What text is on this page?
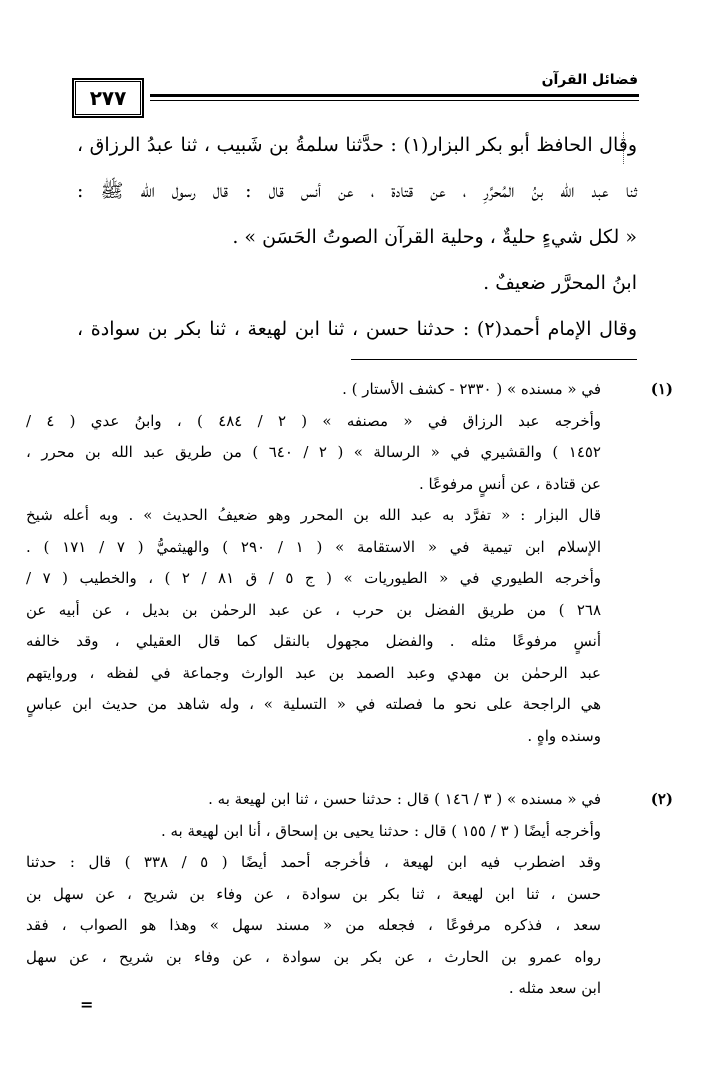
فضائل القرآن
٢٧٧
وقال الحافظ أبو بكر البزار(١) : حدَّثنا سلمةُ بن شَبيب ، ثنا عبدُ الرزاق ،
ثنا عبد الله بنُ المُحرَّرِ ، عن قتادة ، عن أنس قال : قال رسول الله ﷺ :
« لكل شيءٍ حليةٌ ، وحلية القرآن الصوتُ الحَسَن » .
ابنُ المحرَّر ضعيفٌ .
وقال الإمام أحمد(٢) : حدثنا حسن ، ثنا ابن لهيعة ، ثنا بكر بن سوادة ،
(١)
في « مسنده » ( ٢٣٣٠ - كشف الأستار ) .
وأخرجه عبد الرزاق في « مصنفه » ( ٢ / ٤٨٤ ) ، وابنُ عدي ( ٤ /
١٤٥٢ ) والقشيري في « الرسالة » ( ٢ / ٦٤٠ ) من طريق عبد الله بن محرر ،
عن قتادة ، عن أنسٍ مرفوعًا .
قال البزار : « تفرَّد به عبد الله بن المحرر وهو ضعيفُ الحديث » . وبه أعله شيخ
الإسلام ابن تيمية في « الاستقامة » ( ١ / ٢٩٠ ) والهيثميُّ ( ٧ / ١٧١ ) .
وأخرجه الطيوري في « الطيوريات » ( ج ٥ / ق ٨١ / ٢ ) ، والخطيب ( ٧ /
٢٦٨ ) من طريق الفضل بن حرب ، عن عبد الرحمٰن بن بديل ، عن أبيه عن
أنسٍ مرفوعًا مثله . والفضل مجهول بالنقل كما قال العقيلي ، وقد خالفه
عبد الرحمٰن بن مهدي وعبد الصمد بن عبد الوارث وجماعة في لفظه ، وروايتهم
هي الراجحة على نحو ما فصلته في « التسلية » ، وله شاهد من حديث ابن عباسٍ
وسنده واهٍ .
(٢)
في « مسنده » ( ٣ / ١٤٦ ) قال : حدثنا حسن ، ثنا ابن لهيعة به .
وأخرجه أيضًا ( ٣ / ١٥٥ ) قال : حدثنا يحيى بن إسحاق ، أنا ابن لهيعة به .
وقد اضطرب فيه ابن لهيعة ، فأخرجه أحمد أيضًا ( ٥ / ٣٣٨ ) قال : حدثنا
حسن ، ثنا ابن لهيعة ، ثنا بكر بن سوادة ، عن وفاء بن شريح ، عن سهل بن
سعد ، فذكره مرفوعًا ، فجعله من « مسند سهل » وهذا هو الصواب ، فقد
رواه عمرو بن الحارث ، عن بكر بن سوادة ، عن وفاء بن شريح ، عن سهل
ابن سعد مثله .
=
